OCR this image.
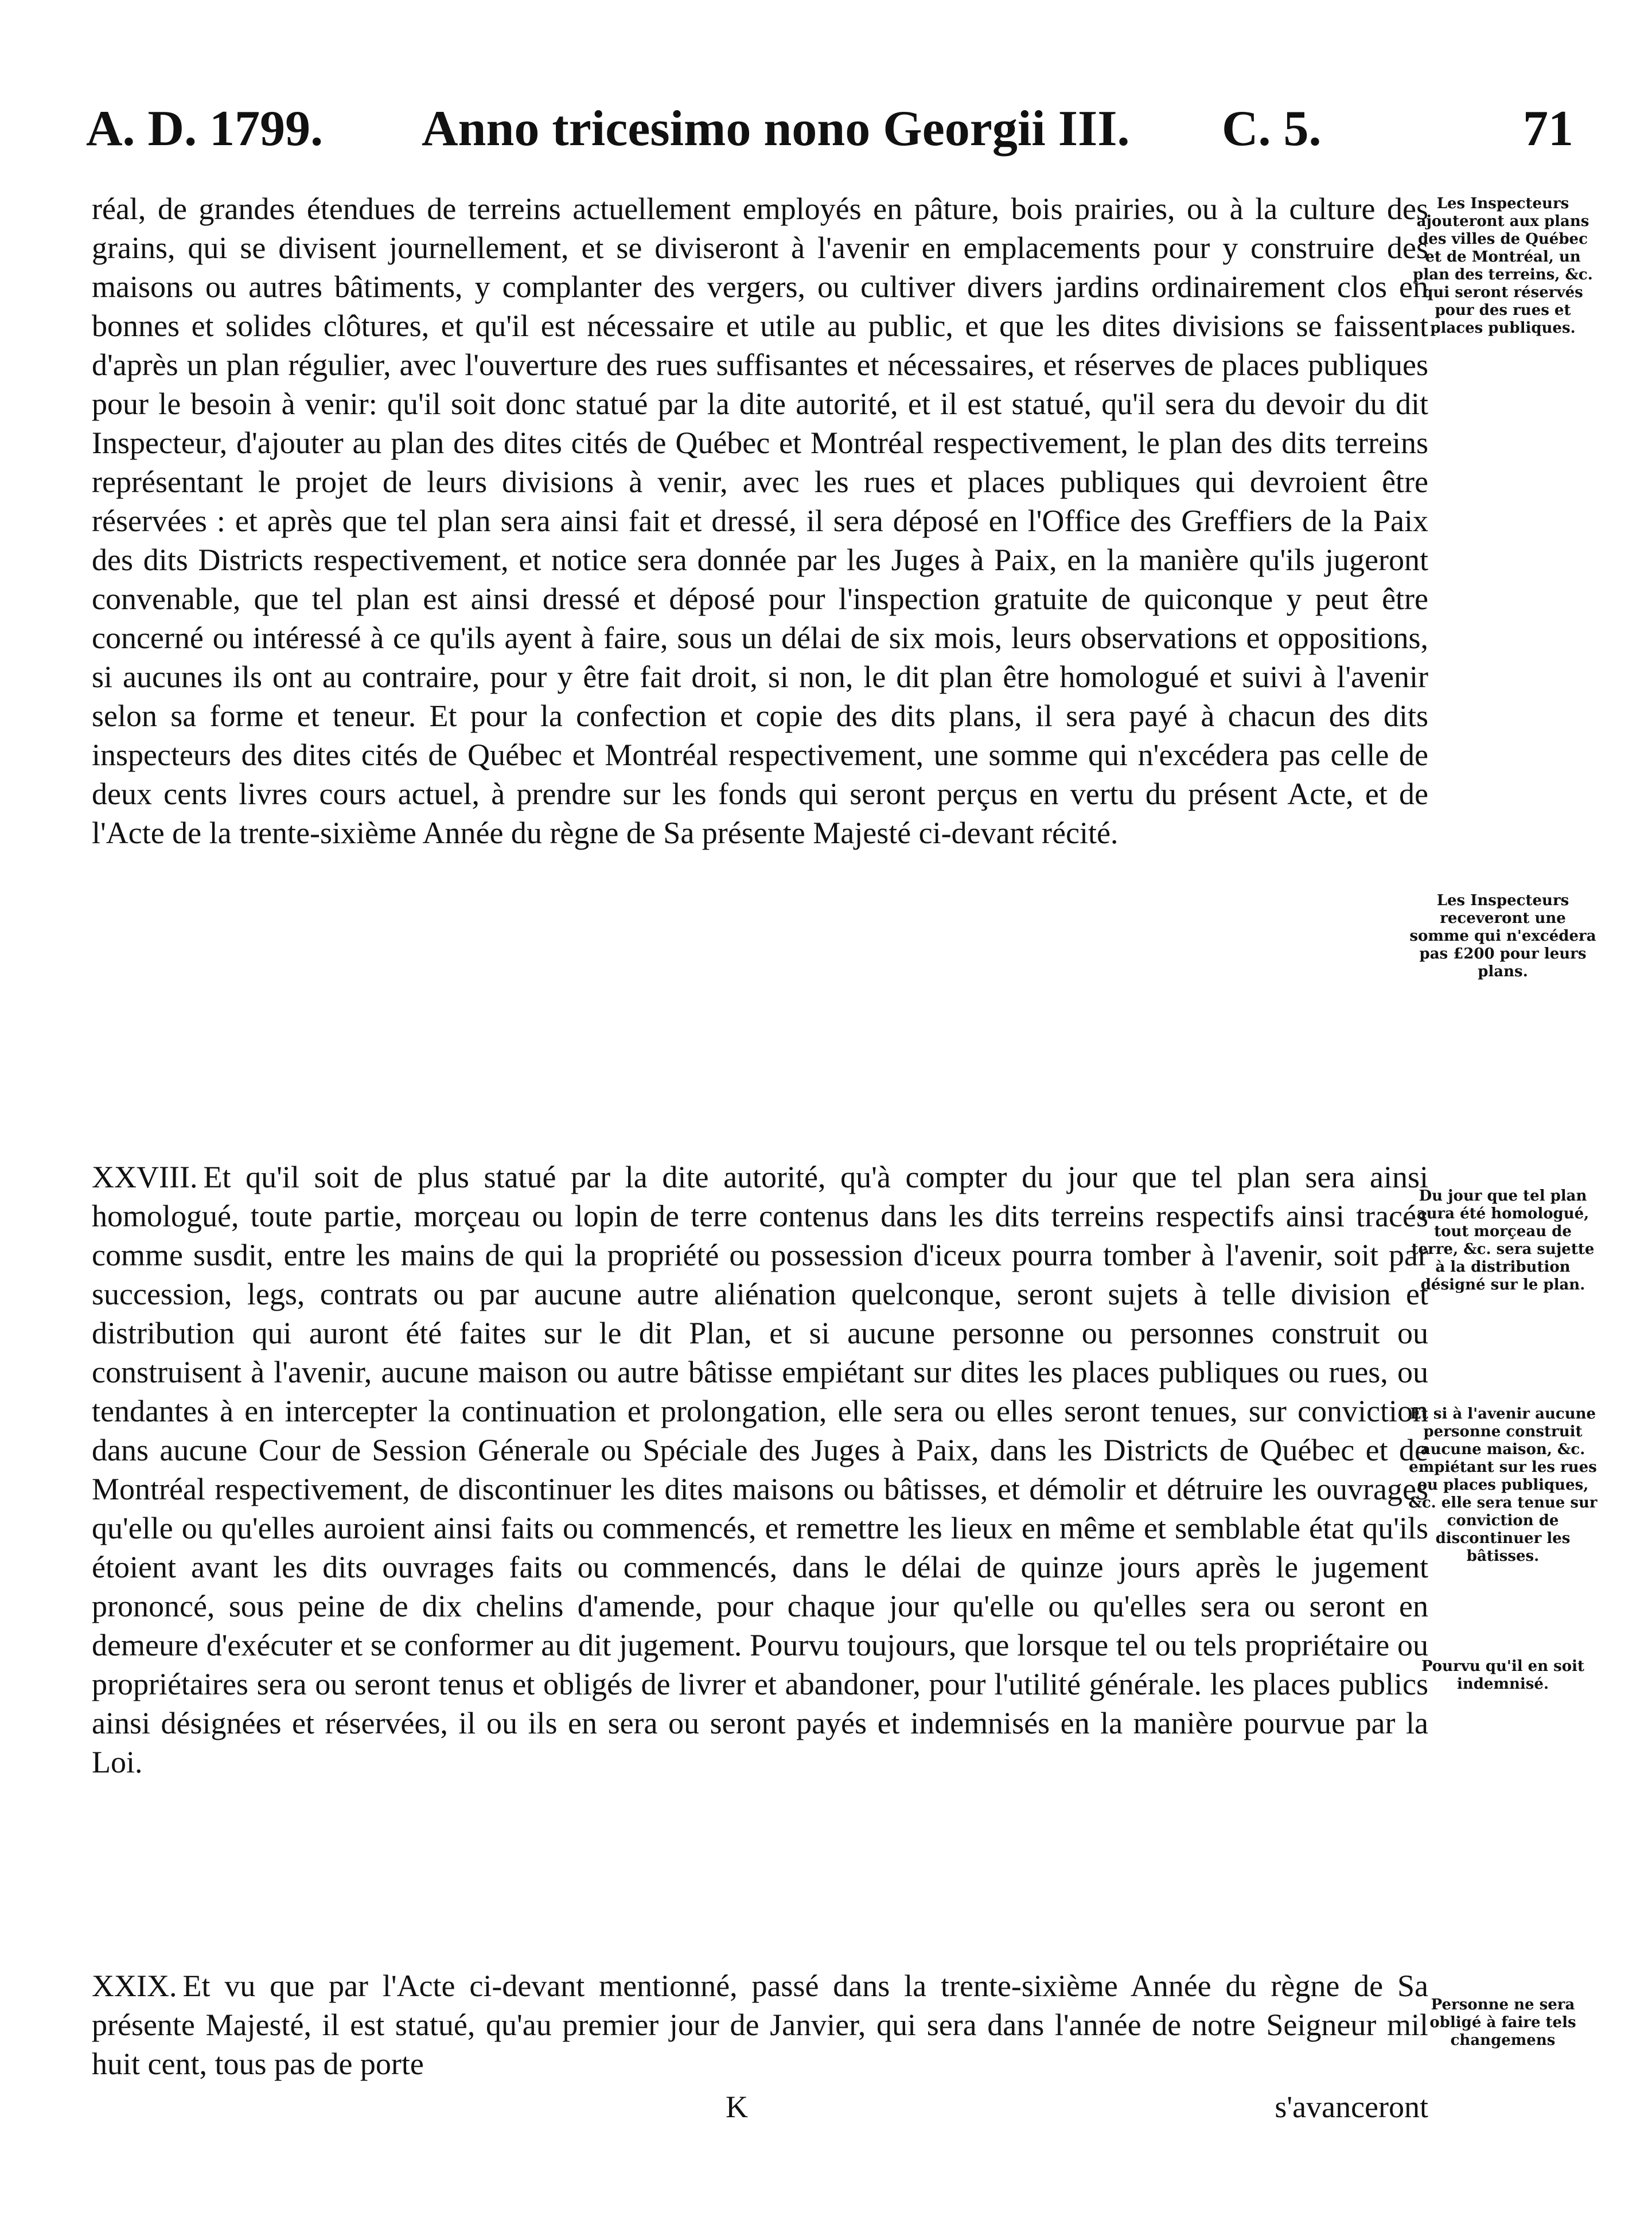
A. D. 1799. Anno tricesimo nono Georgii III. C. 5.	71

réal, de grandes étendues de terreins actuellement employés en pâture, bois prairies, ou à la culture des grains, qui se divisent journellement, et se diviseront à l'avenir en emplacements pour y construire des maisons ou autres bâtiments, y complanter des vergers, ou cultiver divers jardins ordinairement clos en bonnes et solides clôtures, et qu'il est nécessaire et utile au public, et que les dites divisions se faissent d'après un plan régulier, avec l'ouverture des rues suffisantes et nécessaires, et réserves de places publiques pour le besoin à venir: qu'il soit donc statué par la dite autorité, et il est statué, qu'il sera du devoir du dit Inspecteur, d'ajouter au plan des dites cités de Québec et Montréal respectivement, le plan des dits terreins représentant le projet de leurs divisions à venir, avec les rues et places publiques qui devroient être réservées : et après que tel plan sera ainsi fait et dressé, il sera déposé en l'Office des Greffiers de la Paix des dits Districts respectivement, et notice sera donnée par les Juges à Paix, en la manière qu'ils jugeront convenable, que tel plan est ainsi dressé et déposé pour l'inspection gratuite de quiconque y peut être concerné ou intéressé à ce qu'ils ayent à faire, sous un délai de six mois, leurs observations et oppositions, si aucunes ils ont au contraire, pour y être fait droit, si non, le dit plan être homologué et suivi à l'avenir selon sa forme et teneur. Et pour la confection et copie des dits plans, il sera payé à chacun des dits inspecteurs des dites cités de Québec et Montréal respectivement, une somme qui n'excédera pas celle de deux cents livres cours actuel, à prendre sur les fonds qui seront perçus en vertu du présent Acte, et de l'Acte de la trente-sixième Année du règne de Sa présente Majesté ci-devant récité.

XXVIII. Et qu'il soit de plus statué par la dite autorité, qu'à compter du jour que tel plan sera ainsi homologué, toute partie, morçeau ou lopin de terre contenus dans les dits terreins respectifs ainsi tracés comme susdit, entre les mains de qui la propriété ou possession d'iceux pourra tomber à l'avenir, soit par succession, legs, contrats ou par aucune autre aliénation quelconque, seront sujets à telle division et distribution qui auront été faites sur le dit Plan, et si aucune personne ou personnes construit ou construisent à l'avenir, aucune maison ou autre bâtisse empiétant sur dites les places publiques ou rues, ou tendantes à en intercepter la continuation et prolongation, elle sera ou elles seront tenues, sur conviction dans aucune Cour de Session Génerale ou Spéciale des Juges à Paix, dans les Districts de Québec et de Montréal respectivement, de discontinuer les dites maisons ou bâtisses, et démolir et détruire les ouvrages qu'elle ou qu'elles auroient ainsi faits ou commencés, et remettre les lieux en même et semblable état qu'ils étoient avant les dits ouvrages faits ou commencés, dans le délai de quinze jours après le jugement prononcé, sous peine de dix chelins d'amende, pour chaque jour qu'elle ou qu'elles sera ou seront en demeure d'exécuter et se conformer au dit jugement. Pourvu toujours, que lorsque tel ou tels propriétaire ou propriétaires sera ou seront tenus et obligés de livrer et abandoner, pour l'utilité générale. les places publics ainsi désignées et réservées, il ou ils en sera ou seront payés et indemnisés en la manière pourvue par la Loi.

XXIX. Et vu que par l'Acte ci-devant mentionné, passé dans la trente-sixième Année du règne de Sa présente Majesté, il est statué, qu'au premier jour de Janvier, qui sera dans l'année de notre Seigneur mil huit cent, tous pas de porte

K	s'avanceront
Les Inspecteurs ajouteront aux plans des villes de Québec et de Montréal, un plan des terreins, &c. qui seront réservés pour des rues et places publiques.
Les Inspecteurs receveront une somme qui n'excédera pas £200 pour leurs plans.
Du jour que tel plan aura été homologué, tout morçeau de terre, &c. sera sujette à la distribution désigné sur le plan.
Et si à l'avenir aucune personne construit aucune maison, &c. empiétant sur les rues ou places publiques, &c. elle sera tenue sur conviction de discontinuer les bâtisses.
Pourvu qu'il en soit indemnisé.
Personne ne sera obligé à faire tels changemens
